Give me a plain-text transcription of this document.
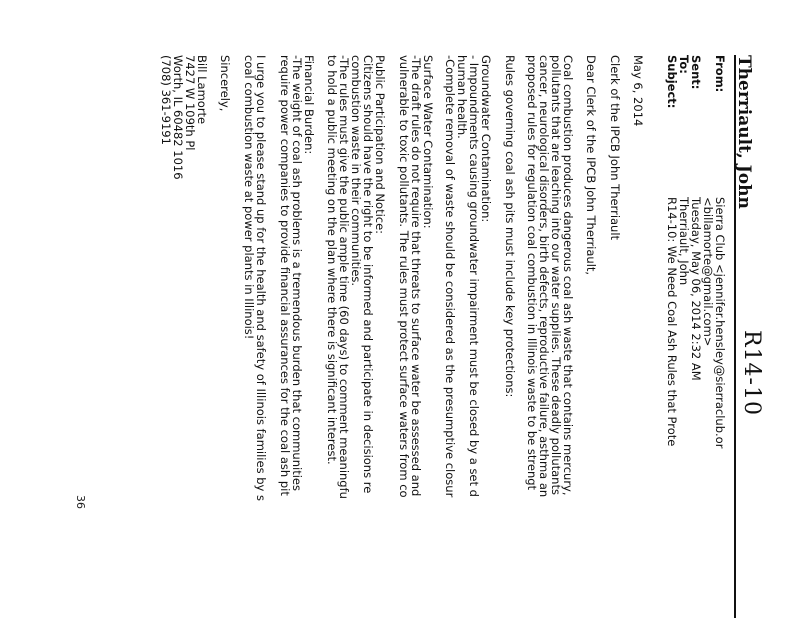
R14-10
Therriault, John
From:
Sierra Club <jennifer.hensley@sierraclub.or
<billamorte@gmail.com>
Sent:
Tuesday, May 06, 2014 2:32 AM
To:
Therriault, John
Subject:
R14-10: We Need Coal Ash Rules that Prote
May 6, 2014
Clerk of the IPCB John Therriault
Dear Clerk of the IPCB John Therriault,
Coal combustion produces dangerous coal ash waste that contains mercury,
pollutants that are leaching into our water supplies. These deadly pollutants
cancer, neurological disorders, birth defects, reproductive failure, asthma an
proposed rules for regulation coal combustion in Illinois waste to be strengt
Rules governing coal ash pits must include key protections:
Groundwater Contamination:
- Impoundments causing groundwater impairment must be closed by a set d
human health.
-Complete removal of waste should be considered as the presumptive closur
Surface Water Contamination:
-The draft rules do not require that threats to surface water be assessed and
vulnerable to toxic pollutants. The rules must protect surface waters from co
Public Participation and Notice:
Citizens should have the right to be informed and participate in decisions re
combustion waste in their communities.
-The rules must give the public ample time (60 days) to comment meaningfu
to hold a public meeting on the plan where there is significant interest.
Financial Burden:
-The weight of coal ash problems is a tremendous burden that communities
require power companies to provide financial assurances for the coal ash pit
I urge you to please stand up for the health and safety of Illinois families by s
coal combustion waste at power plants in Illinois!
Sincerely,
Bill Lamorte
7427 W 109th Pl
Worth, IL 60482 1016
(708) 361-9191
36
